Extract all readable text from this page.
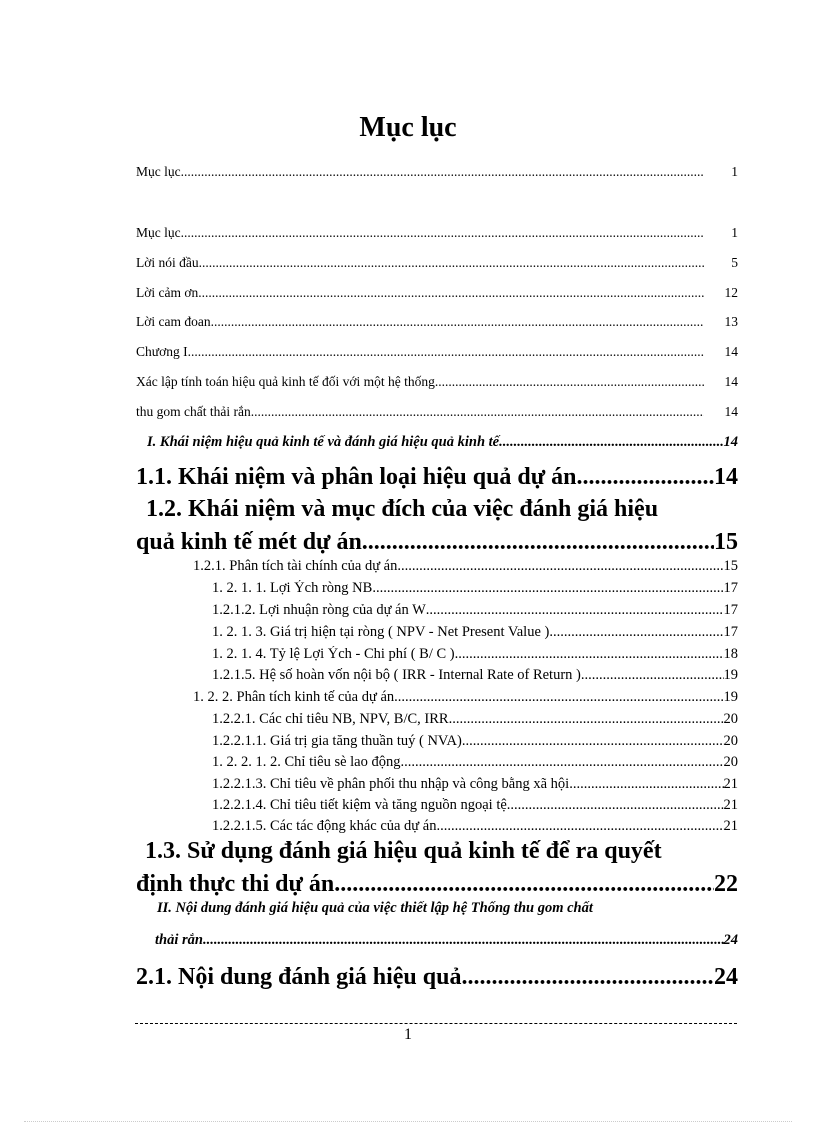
Mục lục
Mục lục .....	1
Mục lục .....	1
Lời nói đầu .....	5
Lời cảm ơn .....	12
Lời cam đoan .....	13
Chương I .....	14
Xác lập tính toán hiệu quả kinh tế đối với một hệ thống .....	14
thu gom chất thải rắn .....	14
I. Khái niệm hiệu quả kinh tế và đánh giá hiệu quả kinh tế .....	14
1.1. Khái niệm và phân loại hiệu quả dự án .....	14
1.2. Khái niệm và mục đích của việc đánh giá hiệu
quả kinh tế mét dự án .....	15
1.2.1. Phân tích tài chính của dự án .....	15
1. 2. 1. 1. Lợi Ých ròng NB .....	17
1.2.1.2. Lợi nhuận ròng của dự án W .....	17
1. 2. 1. 3. Giá trị hiện tại ròng ( NPV - Net Present Value ) .....	17
1. 2. 1. 4. Tỷ lệ Lợi Ých - Chi phí ( B/ C ) .....	18
1.2.1.5. Hệ số hoàn vốn nội bộ ( IRR - Internal Rate of Return ) .....	19
1. 2. 2. Phân tích kinh tế của dự án .....	19
1.2.2.1. Các chỉ tiêu NB, NPV, B/C, IRR .....	20
1.2.2.1.1. Giá trị gia tăng thuần tuý ( NVA) .....	20
1. 2. 2. 1. 2. Chỉ tiêu sè lao động .....	20
1.2.2.1.3. Chỉ tiêu về phân phối thu nhập và công bằng xã hội .....	21
1.2.2.1.4. Chỉ tiêu tiết kiệm và tăng nguồn ngoại tệ .....	21
1.2.2.1.5. Các tác động khác của dự án .....	21
1.3. Sử dụng đánh giá hiệu quả kinh tế để ra quyết
định thực thi dự án .....	22
II. Nội dung đánh giá hiệu quả của việc thiết lập hệ Thống thu gom chất
thải rắn .....	24
2.1. Nội dung đánh giá hiệu quả .....	24
1
